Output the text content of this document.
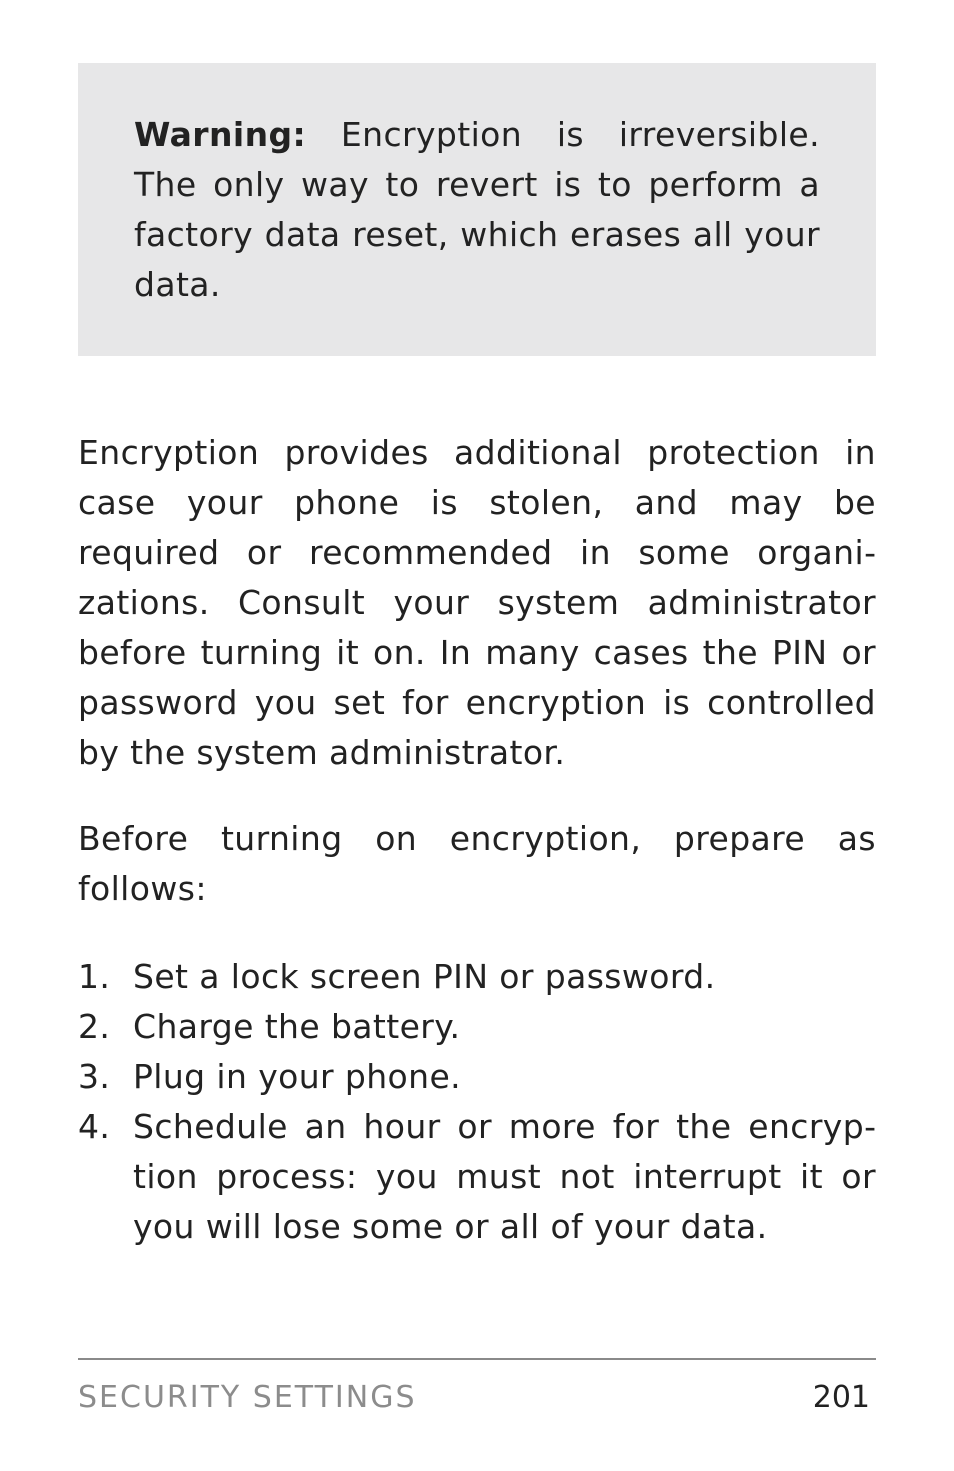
Warning: Encryption is irreversible. The only way to revert is to perform a factory data reset, which erases all your data.

Encryption provides additional protection in case your phone is stolen, and may be required or recommended in some organizations. Consult your system administrator before turning it on. In many cases the PIN or password you set for encryption is controlled by the system administrator.

Before turning on encryption, prepare as follows:

1. Set a lock screen PIN or password.
2. Charge the battery.
3. Plug in your phone.
4. Schedule an hour or more for the encryption process: you must not interrupt it or you will lose some or all of your data.
SECURITY SETTINGS	201
